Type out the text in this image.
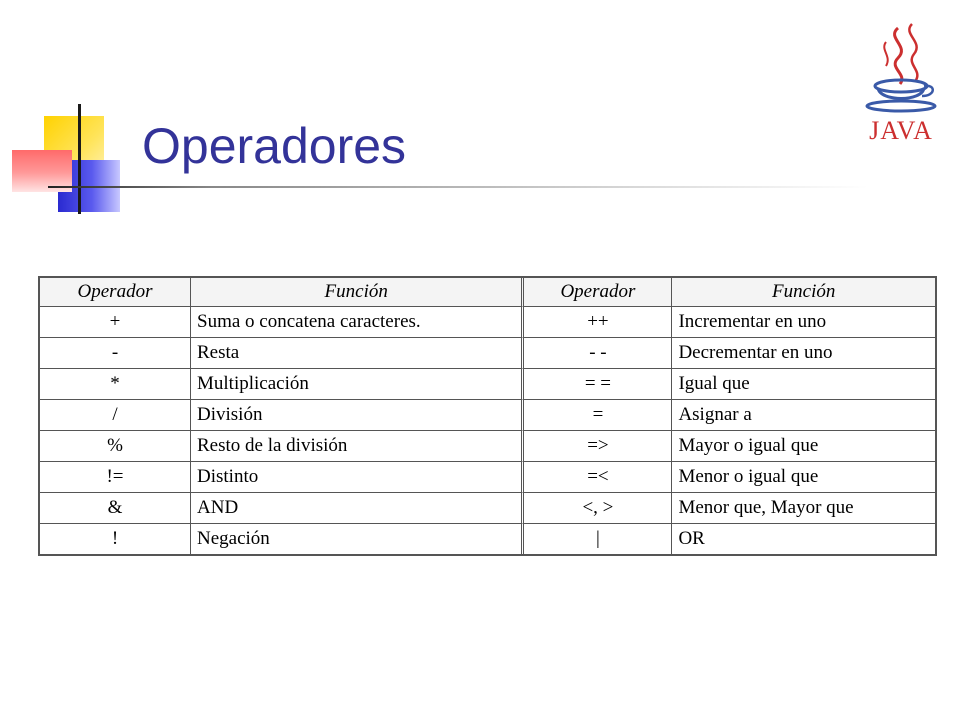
Operadores	JAVA
Operador	Función	Operador	Función
+	Suma o concatena caracteres.	++	Incrementar en uno
-	Resta	- -	Decrementar en uno
*	Multiplicación	= =	Igual que
/	División	=	Asignar a
%	Resto de la división	=>	Mayor o igual que
!=	Distinto	=<	Menor o igual que
&	AND	<, >	Menor que, Mayor que
!	Negación	|	OR
